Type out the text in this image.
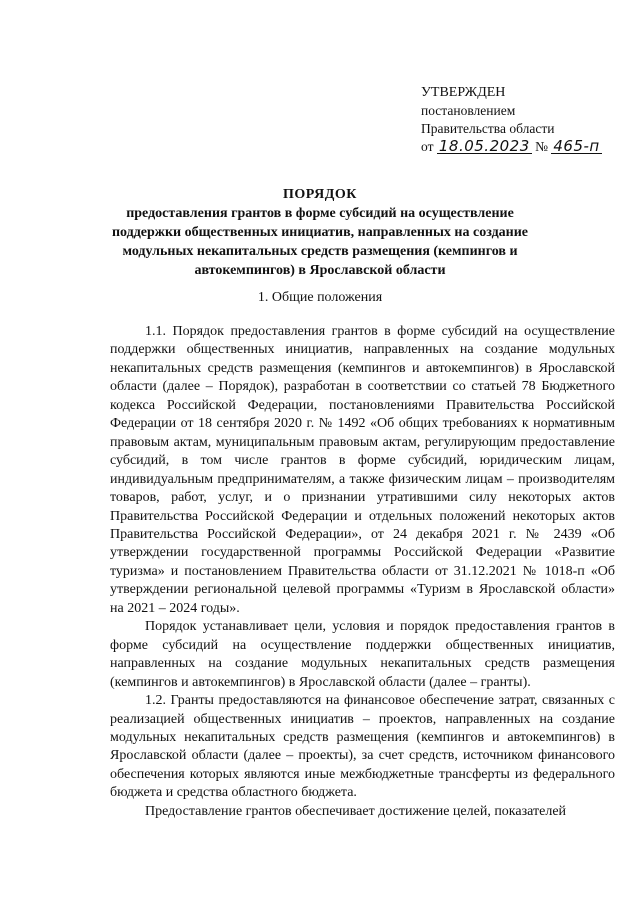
УТВЕРЖДЕН
постановлением
Правительства области
от 18.05.2023 № 465-п
ПОРЯДОК
предоставления грантов в форме субсидий на осуществление поддержки общественных инициатив, направленных на создание модульных некапитальных средств размещения (кемпингов и автокемпингов) в Ярославской области
1. Общие положения

1.1. Порядок предоставления грантов в форме субсидий на осуществление поддержки общественных инициатив, направленных на создание модульных некапитальных средств размещения (кемпингов и автокемпингов) в Ярославской области (далее – Порядок), разработан в соответствии со статьей 78 Бюджетного кодекса Российской Федерации, постановлениями Правительства Российской Федерации от 18 сентября 2020 г. № 1492 «Об общих требованиях к нормативным правовым актам, муниципальным правовым актам, регулирующим предоставление субсидий, в том числе грантов в форме субсидий, юридическим лицам, индивидуальным предпринимателям, а также физическим лицам – производителям товаров, работ, услуг, и о признании утратившими силу некоторых актов Правительства Российской Федерации и отдельных положений некоторых актов Правительства Российской Федерации», от 24 декабря 2021 г. № 2439 «Об утверждении государственной программы Российской Федерации «Развитие туризма» и постановлением Правительства области от 31.12.2021 № 1018-п «Об утверждении региональной целевой программы «Туризм в Ярославской области» на 2021 – 2024 годы».

Порядок устанавливает цели, условия и порядок предоставления грантов в форме субсидий на осуществление поддержки общественных инициатив, направленных на создание модульных некапитальных средств размещения (кемпингов и автокемпингов) в Ярославской области (далее – гранты).

1.2. Гранты предоставляются на финансовое обеспечение затрат, связанных с реализацией общественных инициатив – проектов, направленных на создание модульных некапитальных средств размещения (кемпингов и автокемпингов) в Ярославской области (далее – проекты), за счет средств, источником финансового обеспечения которых являются иные межбюджетные трансферты из федерального бюджета и средства областного бюджета.

Предоставление грантов обеспечивает достижение целей, показателей
